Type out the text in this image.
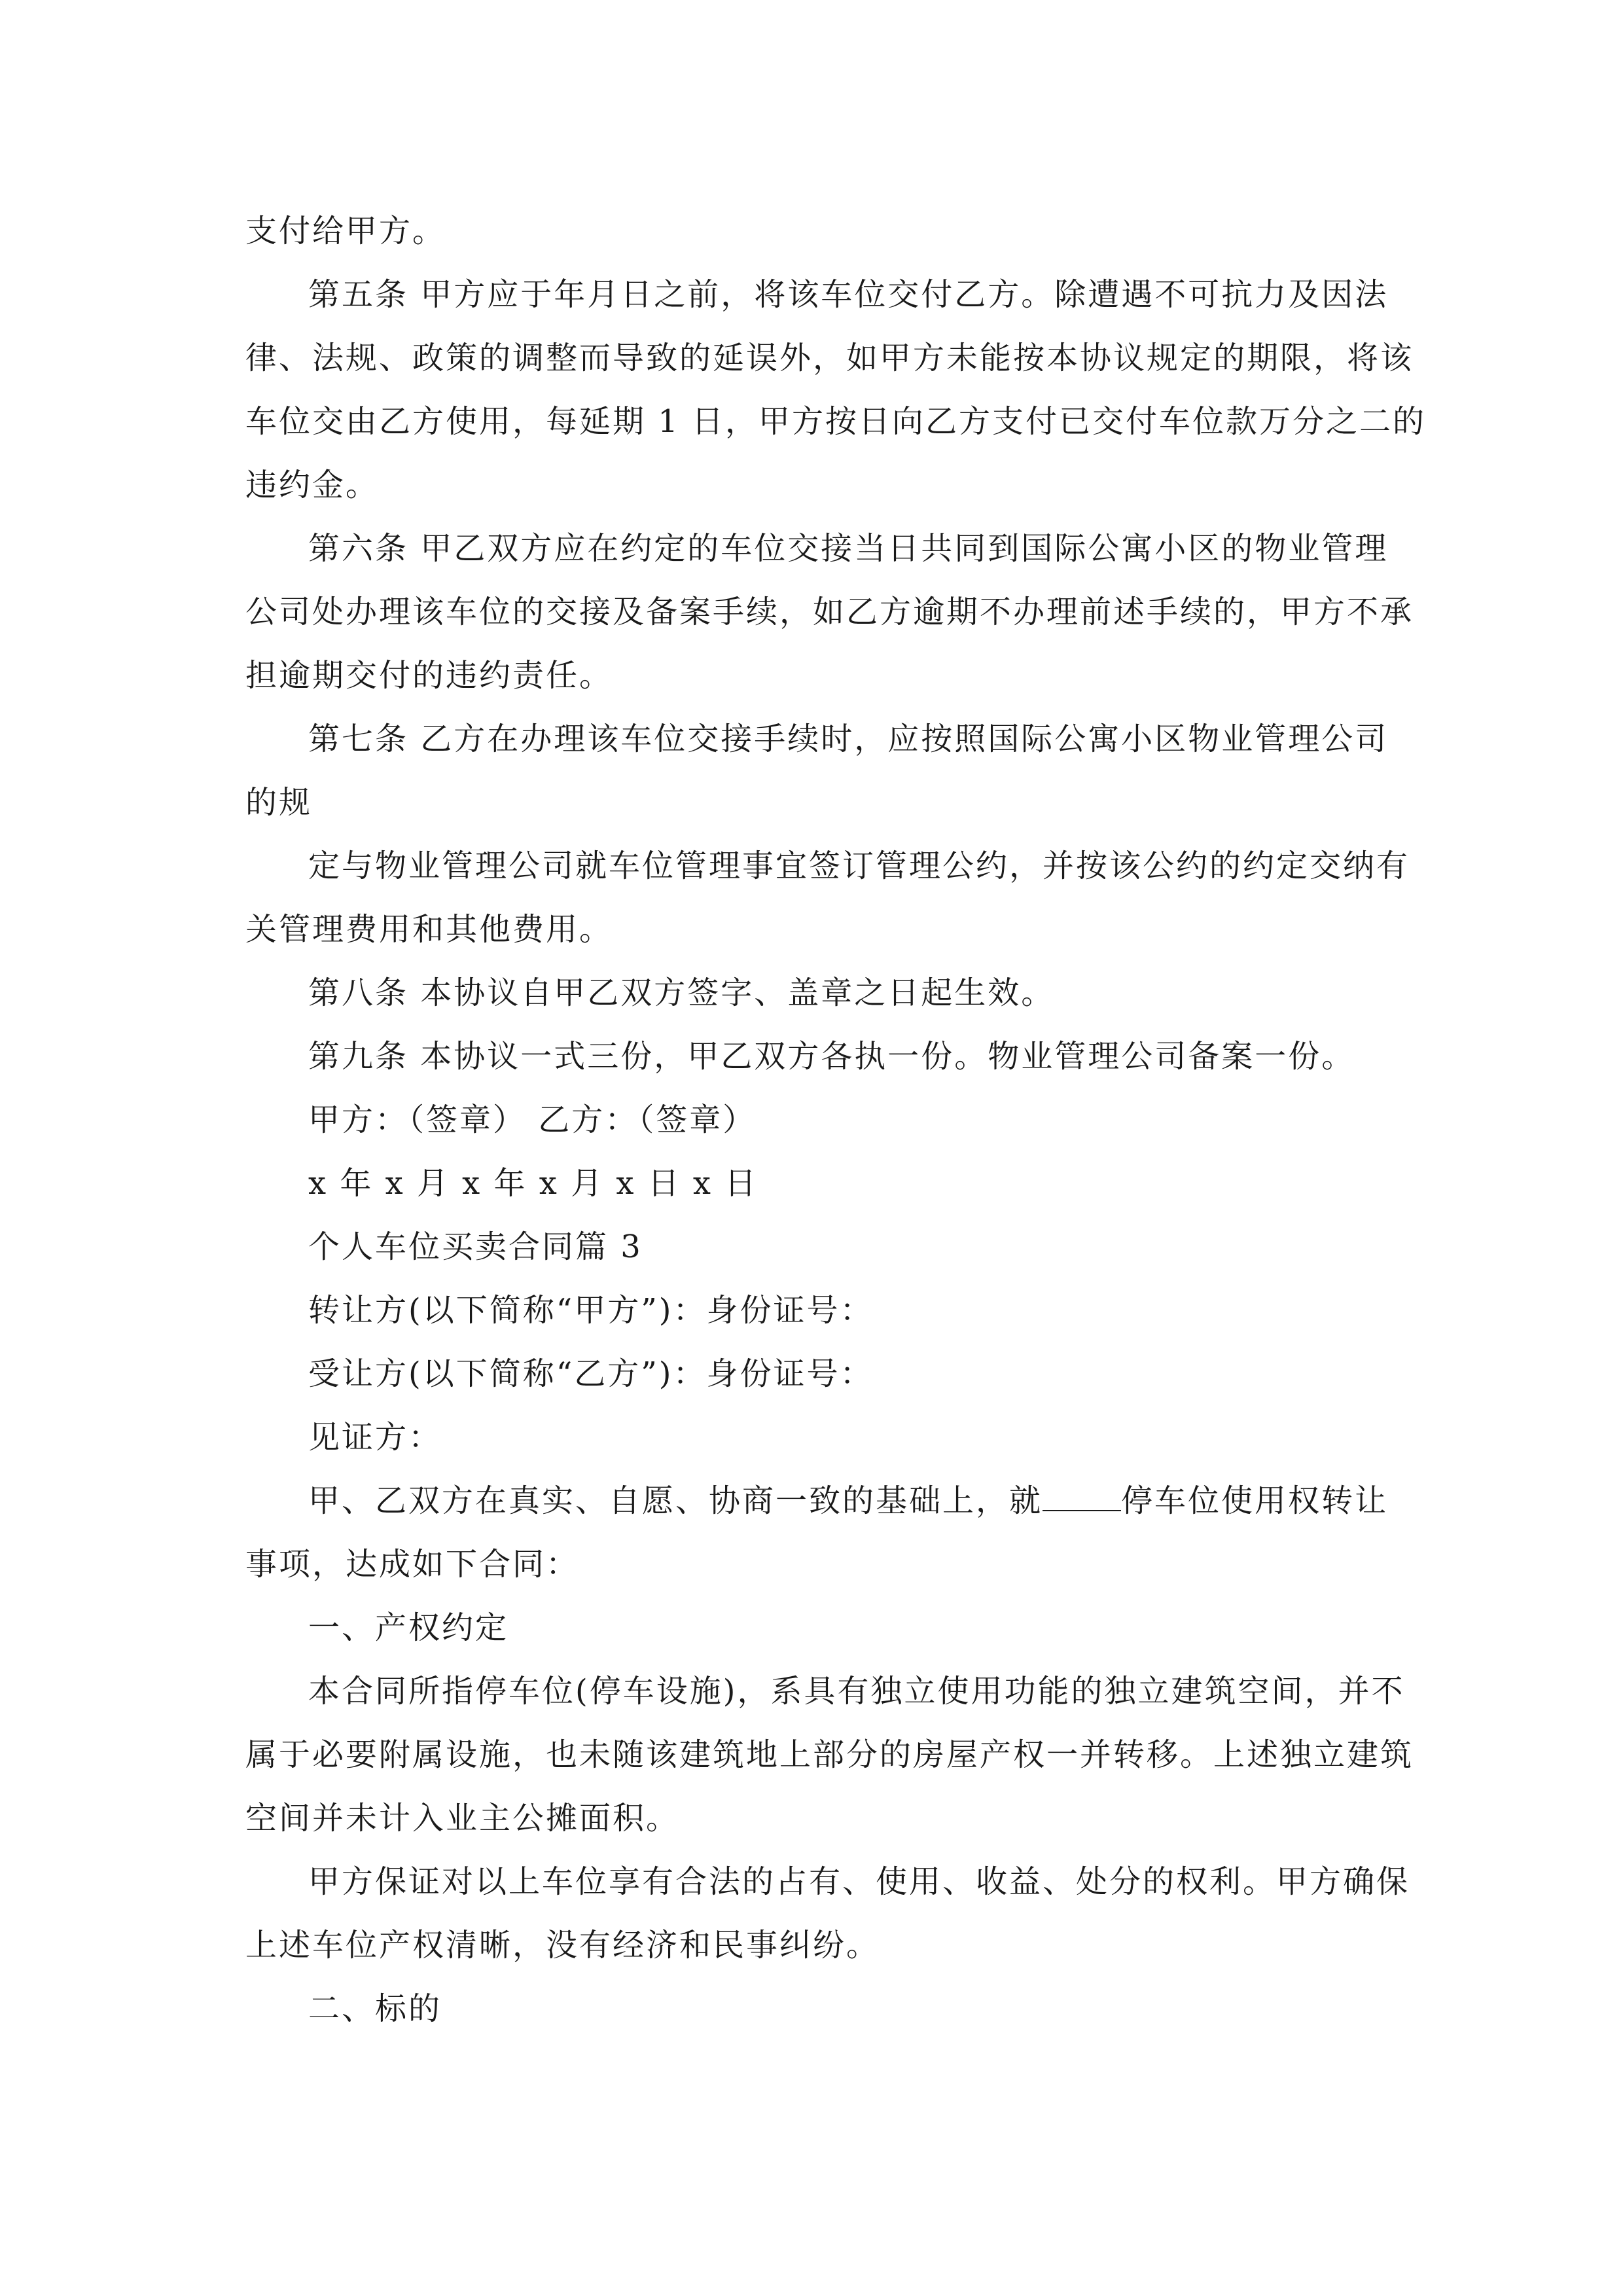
支付给甲方。
第五条 甲方应于年月日之前，将该车位交付乙方。除遭遇不可抗力及因法
律、法规、政策的调整而导致的延误外，如甲方未能按本协议规定的期限，将该
车位交由乙方使用，每延期 1 日，甲方按日向乙方支付已交付车位款万分之二的
违约金。
第六条 甲乙双方应在约定的车位交接当日共同到国际公寓小区的物业管理
公司处办理该车位的交接及备案手续，如乙方逾期不办理前述手续的，甲方不承
担逾期交付的违约责任。
第七条 乙方在办理该车位交接手续时，应按照国际公寓小区物业管理公司
的规
定与物业管理公司就车位管理事宜签订管理公约，并按该公约的约定交纳有
关管理费用和其他费用。
第八条 本协议自甲乙双方签字、盖章之日起生效。
第九条 本协议一式三份，甲乙双方各执一份。物业管理公司备案一份。
甲方：（签章） 乙方：（签章）
x 年 x 月 x 年 x 月 x 日 x 日
个人车位买卖合同篇 3
转让方(以下简称“甲方”)：身份证号：
受让方(以下简称“乙方”)：身份证号：
见证方：
甲、乙双方在真实、自愿、协商一致的基础上，就	停车位使用权转让
事项，达成如下合同：
一、产权约定
本合同所指停车位(停车设施)，系具有独立使用功能的独立建筑空间，并不
属于必要附属设施，也未随该建筑地上部分的房屋产权一并转移。上述独立建筑
空间并未计入业主公摊面积。
甲方保证对以上车位享有合法的占有、使用、收益、处分的权利。甲方确保
上述车位产权清晰，没有经济和民事纠纷。
二、标的
